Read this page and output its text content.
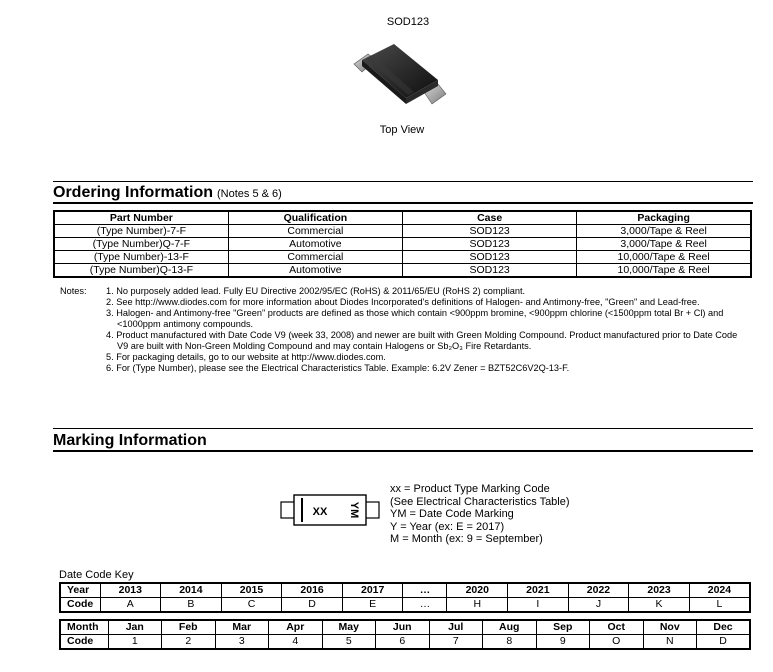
SOD123
Top View
Ordering Information (Notes 5 & 6)
Part Number	Qualification	Case	Packaging
(Type Number)-7-F	Commercial	SOD123	3,000/Tape & Reel
(Type Number)Q-7-F	Automotive	SOD123	3,000/Tape & Reel
(Type Number)-13-F	Commercial	SOD123	10,000/Tape & Reel
(Type Number)Q-13-F	Automotive	SOD123	10,000/Tape & Reel
Notes: 1. No purposely added lead. Fully EU Directive 2002/95/EC (RoHS) & 2011/65/EU (RoHS 2) compliant.
2. See http://www.diodes.com for more information about Diodes Incorporated's definitions of Halogen- and Antimony-free, "Green" and Lead-free.
3. Halogen- and Antimony-free "Green" products are defined as those which contain <900ppm bromine, <900ppm chlorine (<1500ppm total Br + Cl) and <1000ppm antimony compounds.
4. Product manufactured with Date Code V9 (week 33, 2008) and newer are built with Green Molding Compound. Product manufactured prior to Date Code V9 are built with Non-Green Molding Compound and may contain Halogens or Sb₂O₃ Fire Retardants.
5. For packaging details, go to our website at http://www.diodes.com.
6. For (Type Number), please see the Electrical Characteristics Table. Example: 6.2V Zener = BZT52C6V2Q-13-F.
Marking Information
XX YM
xx = Product Type Marking Code
(See Electrical Characteristics Table)
YM = Date Code Marking
Y = Year (ex: E = 2017)
M = Month (ex: 9 = September)
Date Code Key
Year	2013	2014	2015	2016	2017	…	2020	2021	2022	2023	2024
Code	A	B	C	D	E	…	H	I	J	K	L
Month	Jan	Feb	Mar	Apr	May	Jun	Jul	Aug	Sep	Oct	Nov	Dec
Code	1	2	3	4	5	6	7	8	9	O	N	D
